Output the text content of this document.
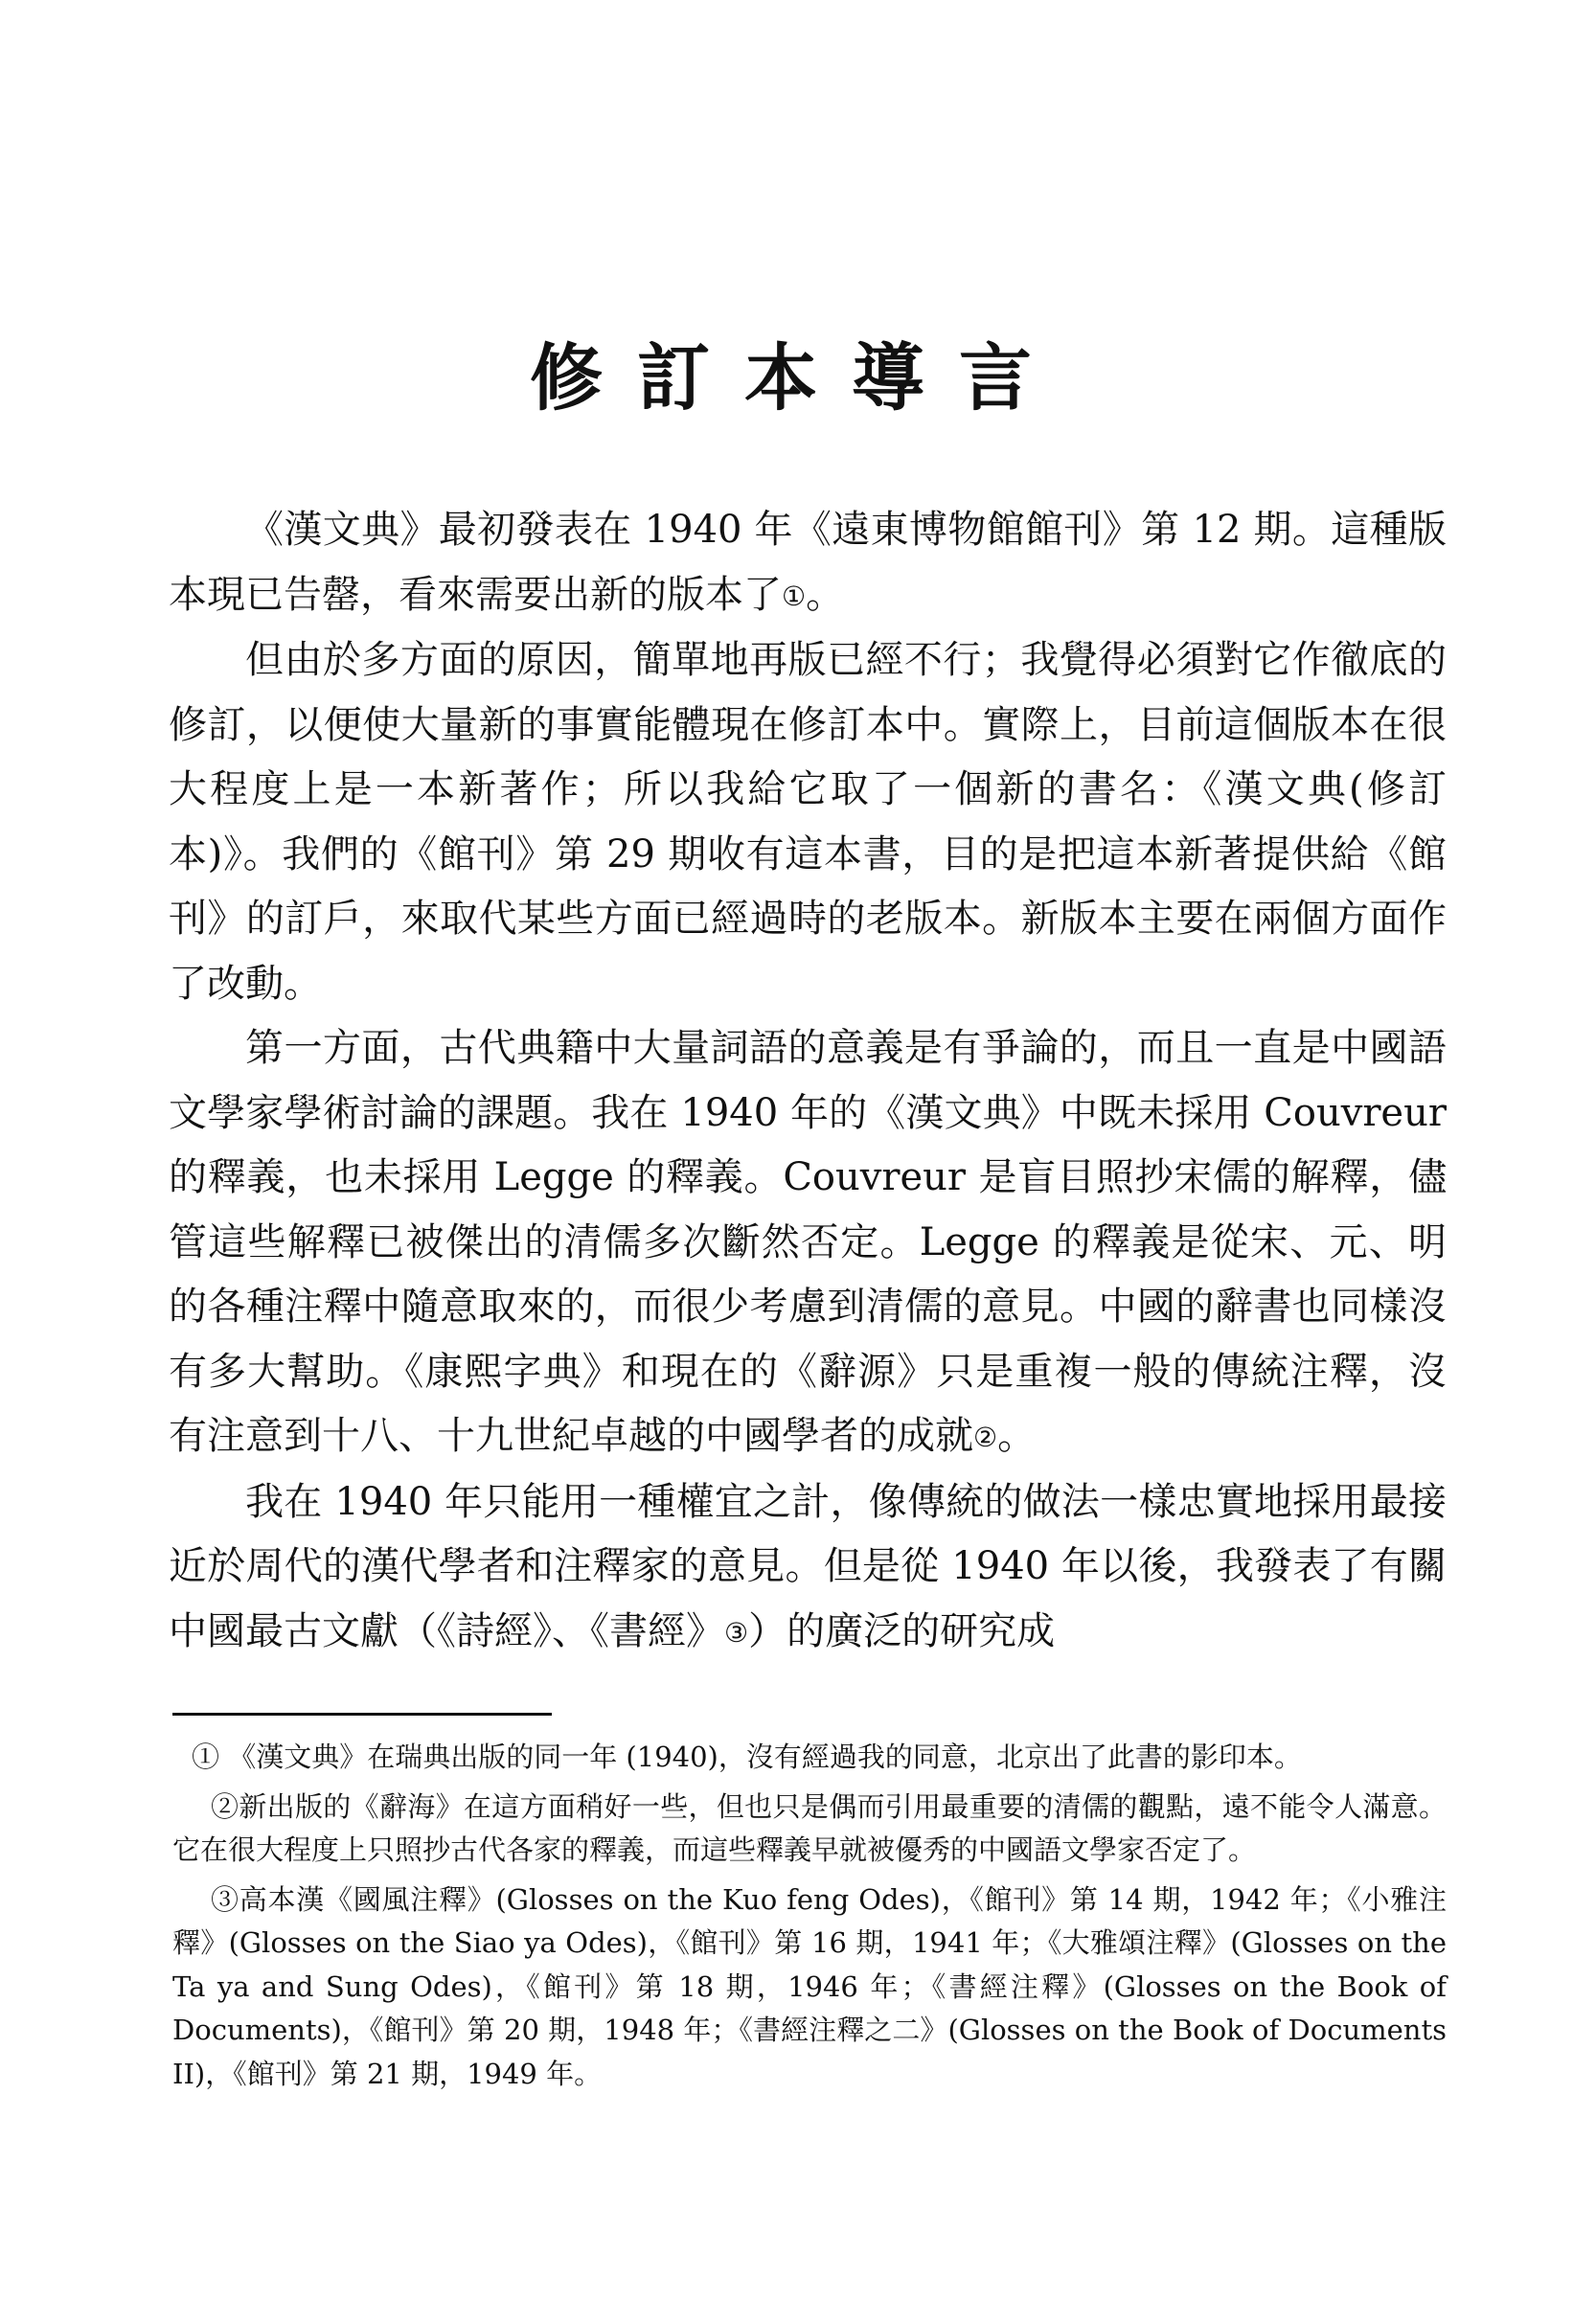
修訂本導言

《漢文典》最初發表在 1940 年《遠東博物館館刊》第 12 期。這種版本現已告罄，看來需要出新的版本了①。

但由於多方面的原因，簡單地再版已經不行；我覺得必須對它作徹底的修訂，以便使大量新的事實能體現在修訂本中。實際上，目前這個版本在很大程度上是一本新著作；所以我給它取了一個新的書名：《漢文典(修訂本)》。我們的《館刊》第 29 期收有這本書，目的是把這本新著提供給《館刊》的訂戶，來取代某些方面已經過時的老版本。新版本主要在兩個方面作了改動。

第一方面，古代典籍中大量詞語的意義是有爭論的，而且一直是中國語文學家學術討論的課題。我在 1940 年的《漢文典》中既未採用 Couvreur 的釋義，也未採用 Legge 的釋義。Couvreur 是盲目照抄宋儒的解釋，儘管這些解釋已被傑出的清儒多次斷然否定。Legge 的釋義是從宋、元、明的各種注釋中隨意取來的，而很少考慮到清儒的意見。中國的辭書也同樣沒有多大幫助。《康熙字典》和現在的《辭源》只是重複一般的傳統注釋，沒有注意到十八、十九世紀卓越的中國學者的成就②。

我在 1940 年只能用一種權宜之計，像傳統的做法一樣忠實地採用最接近於周代的漢代學者和注釋家的意見。但是從 1940 年以後，我發表了有關中國最古文獻（《詩經》、《書經》③）的廣泛的研究成

① 《漢文典》在瑞典出版的同一年 (1940)，沒有經過我的同意，北京出了此書的影印本。

②新出版的《辭海》在這方面稍好一些，但也只是偶而引用最重要的清儒的觀點，遠不能令人滿意。它在很大程度上只照抄古代各家的釋義，而這些釋義早就被優秀的中國語文學家否定了。

③高本漢《國風注釋》(Glosses on the Kuo feng Odes)，《館刊》第 14 期，1942 年；《小雅注釋》(Glosses on the Siao ya Odes)，《館刊》第 16 期，1941 年；《大雅頌注釋》(Glosses on the Ta ya and Sung Odes)，《館刊》第 18 期，1946 年；《書經注釋》(Glosses on the Book of Documents)，《館刊》第 20 期，1948 年；《書經注釋之二》(Glosses on the Book of Documents II)，《館刊》第 21 期，1949 年。
